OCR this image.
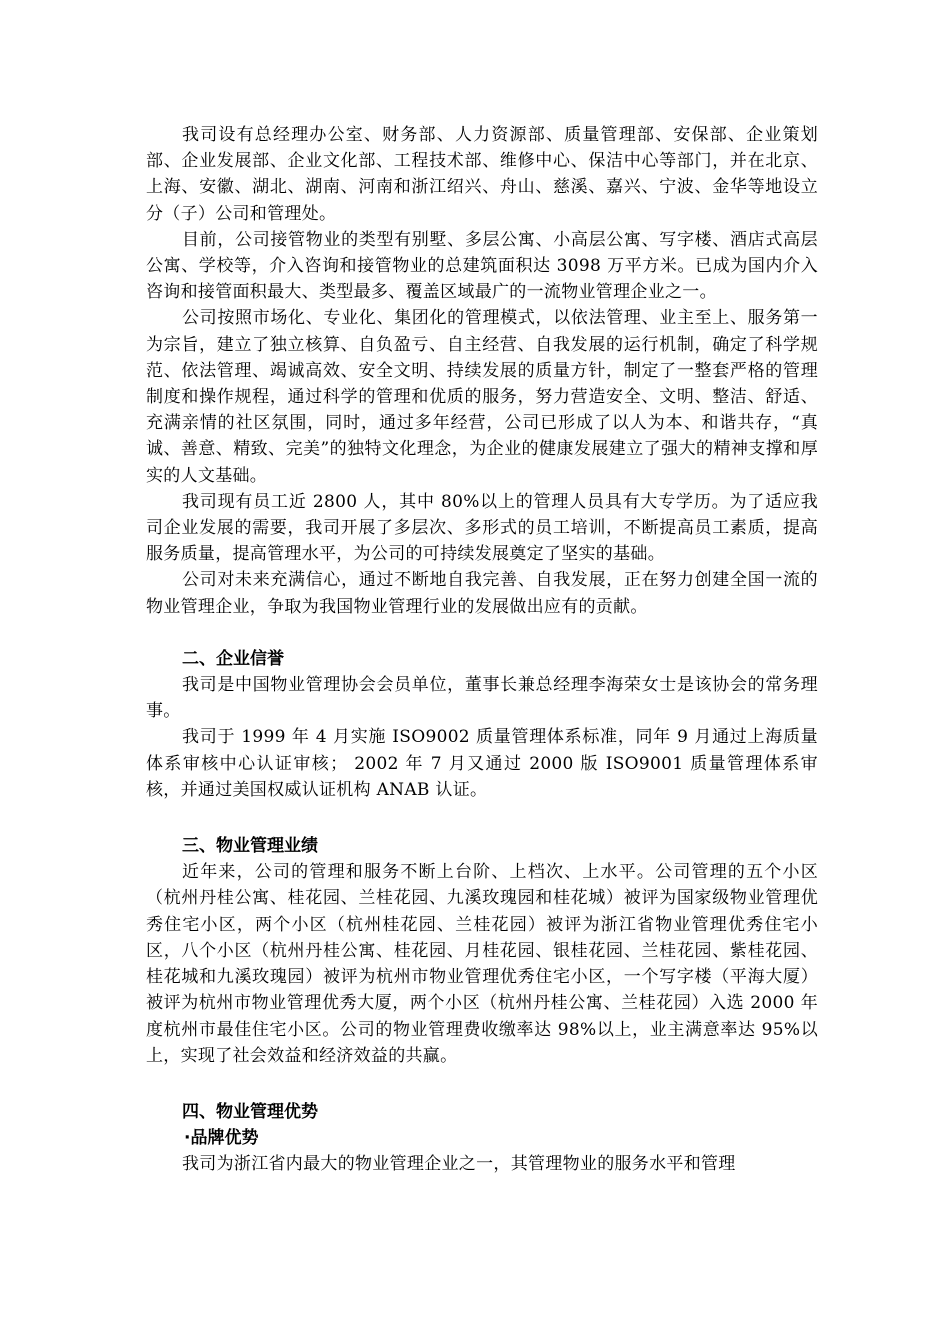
我司设有总经理办公室、财务部、人力资源部、质量管理部、安保部、企业策划部、企业发展部、企业文化部、工程技术部、维修中心、保洁中心等部门，并在北京、上海、安徽、湖北、湖南、河南和浙江绍兴、舟山、慈溪、嘉兴、宁波、金华等地设立分（子）公司和管理处。

目前，公司接管物业的类型有别墅、多层公寓、小高层公寓、写字楼、酒店式高层公寓、学校等，介入咨询和接管物业的总建筑面积达 3098 万平方米。已成为国内介入咨询和接管面积最大、类型最多、覆盖区域最广的一流物业管理企业之一。

公司按照市场化、专业化、集团化的管理模式，以依法管理、业主至上、服务第一为宗旨，建立了独立核算、自负盈亏、自主经营、自我发展的运行机制，确定了科学规范、依法管理、竭诚高效、安全文明、持续发展的质量方针，制定了一整套严格的管理制度和操作规程，通过科学的管理和优质的服务，努力营造安全、文明、整洁、舒适、充满亲情的社区氛围，同时，通过多年经营，公司已形成了以人为本、和谐共存，“真诚、善意、精致、完美”的独特文化理念，为企业的健康发展建立了强大的精神支撑和厚实的人文基础。

我司现有员工近 2800 人，其中 80%以上的管理人员具有大专学历。为了适应我司企业发展的需要，我司开展了多层次、多形式的员工培训，不断提高员工素质，提高服务质量，提高管理水平，为公司的可持续发展奠定了坚实的基础。

公司对未来充满信心，通过不断地自我完善、自我发展，正在努力创建全国一流的物业管理企业，争取为我国物业管理行业的发展做出应有的贡献。

二、企业信誉

我司是中国物业管理协会会员单位，董事长兼总经理李海荣女士是该协会的常务理事。

我司于 1999 年 4 月实施 ISO9002 质量管理体系标准，同年 9 月通过上海质量体系审核中心认证审核； 2002 年 7 月又通过 2000 版 ISO9001 质量管理体系审核，并通过美国权威认证机构 ANAB 认证。

三、物业管理业绩

近年来，公司的管理和服务不断上台阶、上档次、上水平。公司管理的五个小区（杭州丹桂公寓、桂花园、兰桂花园、九溪玫瑰园和桂花城）被评为国家级物业管理优秀住宅小区，两个小区（杭州桂花园、兰桂花园）被评为浙江省物业管理优秀住宅小区，八个小区（杭州丹桂公寓、桂花园、月桂花园、银桂花园、兰桂花园、紫桂花园、桂花城和九溪玫瑰园）被评为杭州市物业管理优秀住宅小区，一个写字楼（平海大厦）被评为杭州市物业管理优秀大厦，两个小区（杭州丹桂公寓、兰桂花园）入选 2000 年度杭州市最佳住宅小区。公司的物业管理费收缴率达 98%以上，业主满意率达 95%以上，实现了社会效益和经济效益的共赢。

四、物业管理优势

·品牌优势

我司为浙江省内最大的物业管理企业之一，其管理物业的服务水平和管理
